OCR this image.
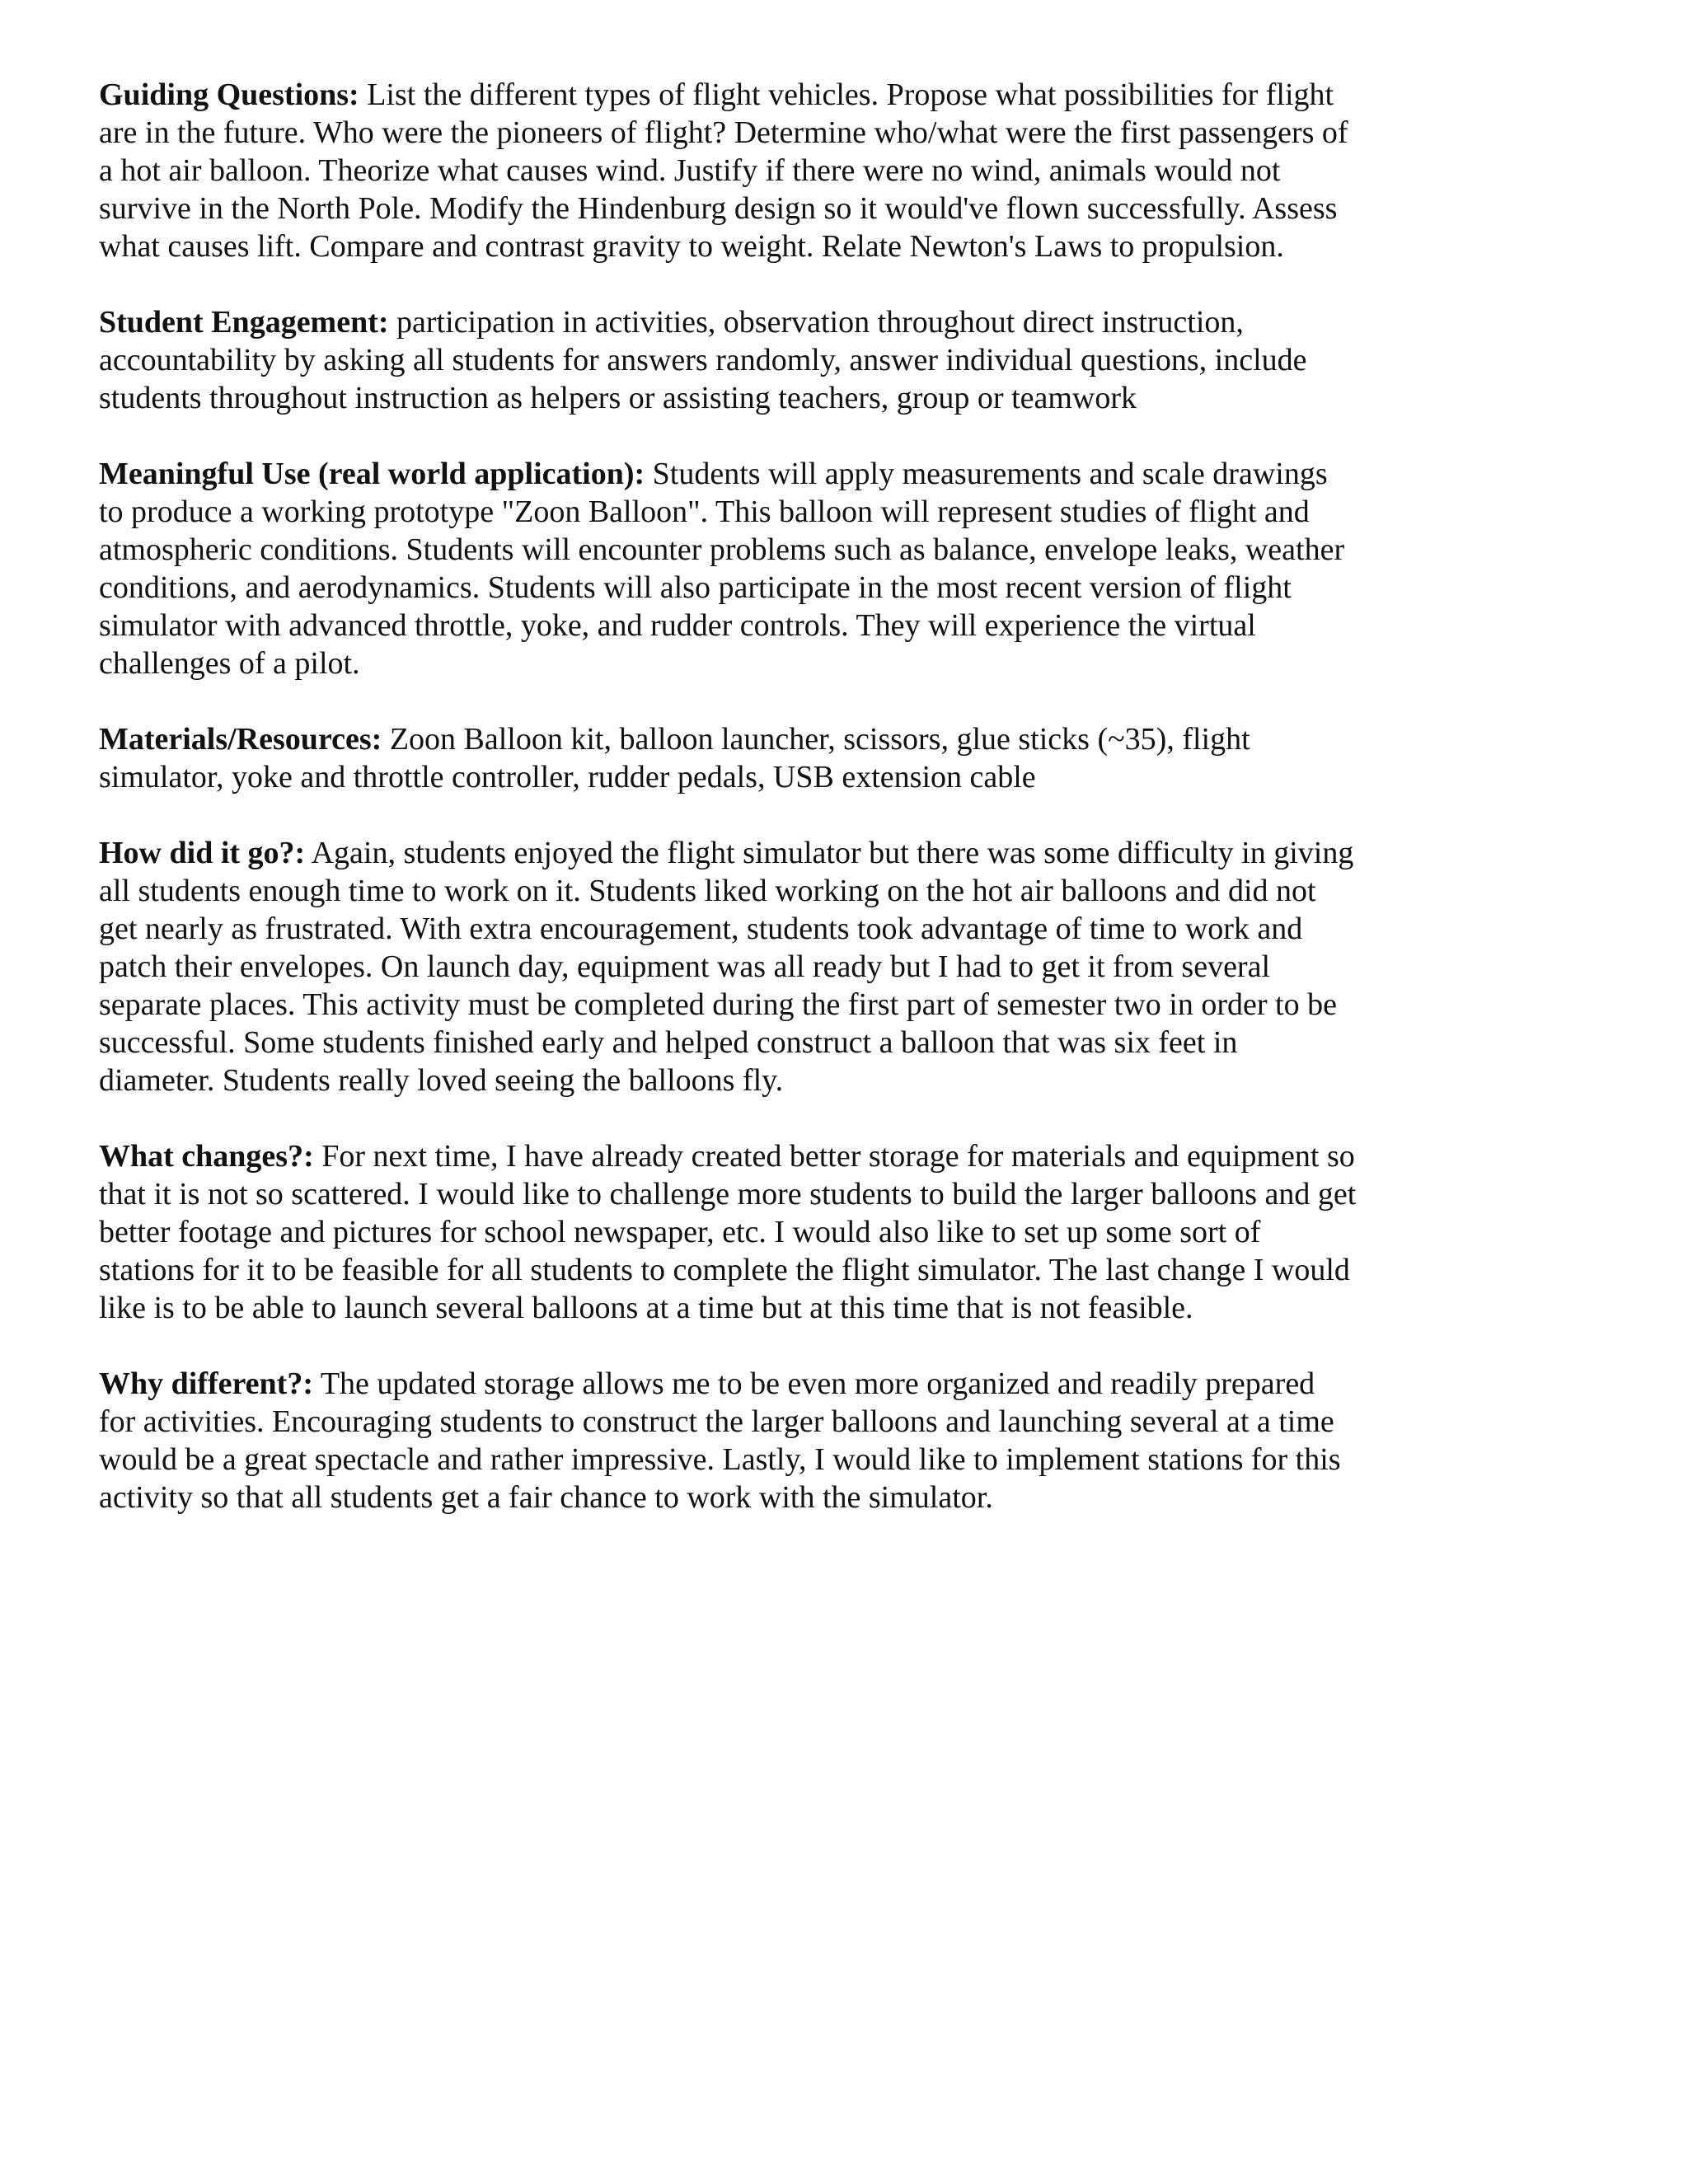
Guiding Questions: List the different types of flight vehicles. Propose what possibilities for flight
are in the future. Who were the pioneers of flight? Determine who/what were the first passengers of
a hot air balloon. Theorize what causes wind. Justify if there were no wind, animals would not
survive in the North Pole. Modify the Hindenburg design so it would've flown successfully. Assess
what causes lift. Compare and contrast gravity to weight. Relate Newton's Laws to propulsion.

Student Engagement: participation in activities, observation throughout direct instruction,
accountability by asking all students for answers randomly, answer individual questions, include
students throughout instruction as helpers or assisting teachers, group or teamwork

Meaningful Use (real world application): Students will apply measurements and scale drawings
to produce a working prototype "Zoon Balloon". This balloon will represent studies of flight and
atmospheric conditions. Students will encounter problems such as balance, envelope leaks, weather
conditions, and aerodynamics. Students will also participate in the most recent version of flight
simulator with advanced throttle, yoke, and rudder controls. They will experience the virtual
challenges of a pilot.

Materials/Resources: Zoon Balloon kit, balloon launcher, scissors, glue sticks (~35), flight
simulator, yoke and throttle controller, rudder pedals, USB extension cable

How did it go?: Again, students enjoyed the flight simulator but there was some difficulty in giving
all students enough time to work on it. Students liked working on the hot air balloons and did not
get nearly as frustrated. With extra encouragement, students took advantage of time to work and
patch their envelopes. On launch day, equipment was all ready but I had to get it from several
separate places. This activity must be completed during the first part of semester two in order to be
successful. Some students finished early and helped construct a balloon that was six feet in
diameter. Students really loved seeing the balloons fly.

What changes?: For next time, I have already created better storage for materials and equipment so
that it is not so scattered. I would like to challenge more students to build the larger balloons and get
better footage and pictures for school newspaper, etc. I would also like to set up some sort of
stations for it to be feasible for all students to complete the flight simulator. The last change I would
like is to be able to launch several balloons at a time but at this time that is not feasible.

Why different?: The updated storage allows me to be even more organized and readily prepared
for activities. Encouraging students to construct the larger balloons and launching several at a time
would be a great spectacle and rather impressive. Lastly, I would like to implement stations for this
activity so that all students get a fair chance to work with the simulator.
